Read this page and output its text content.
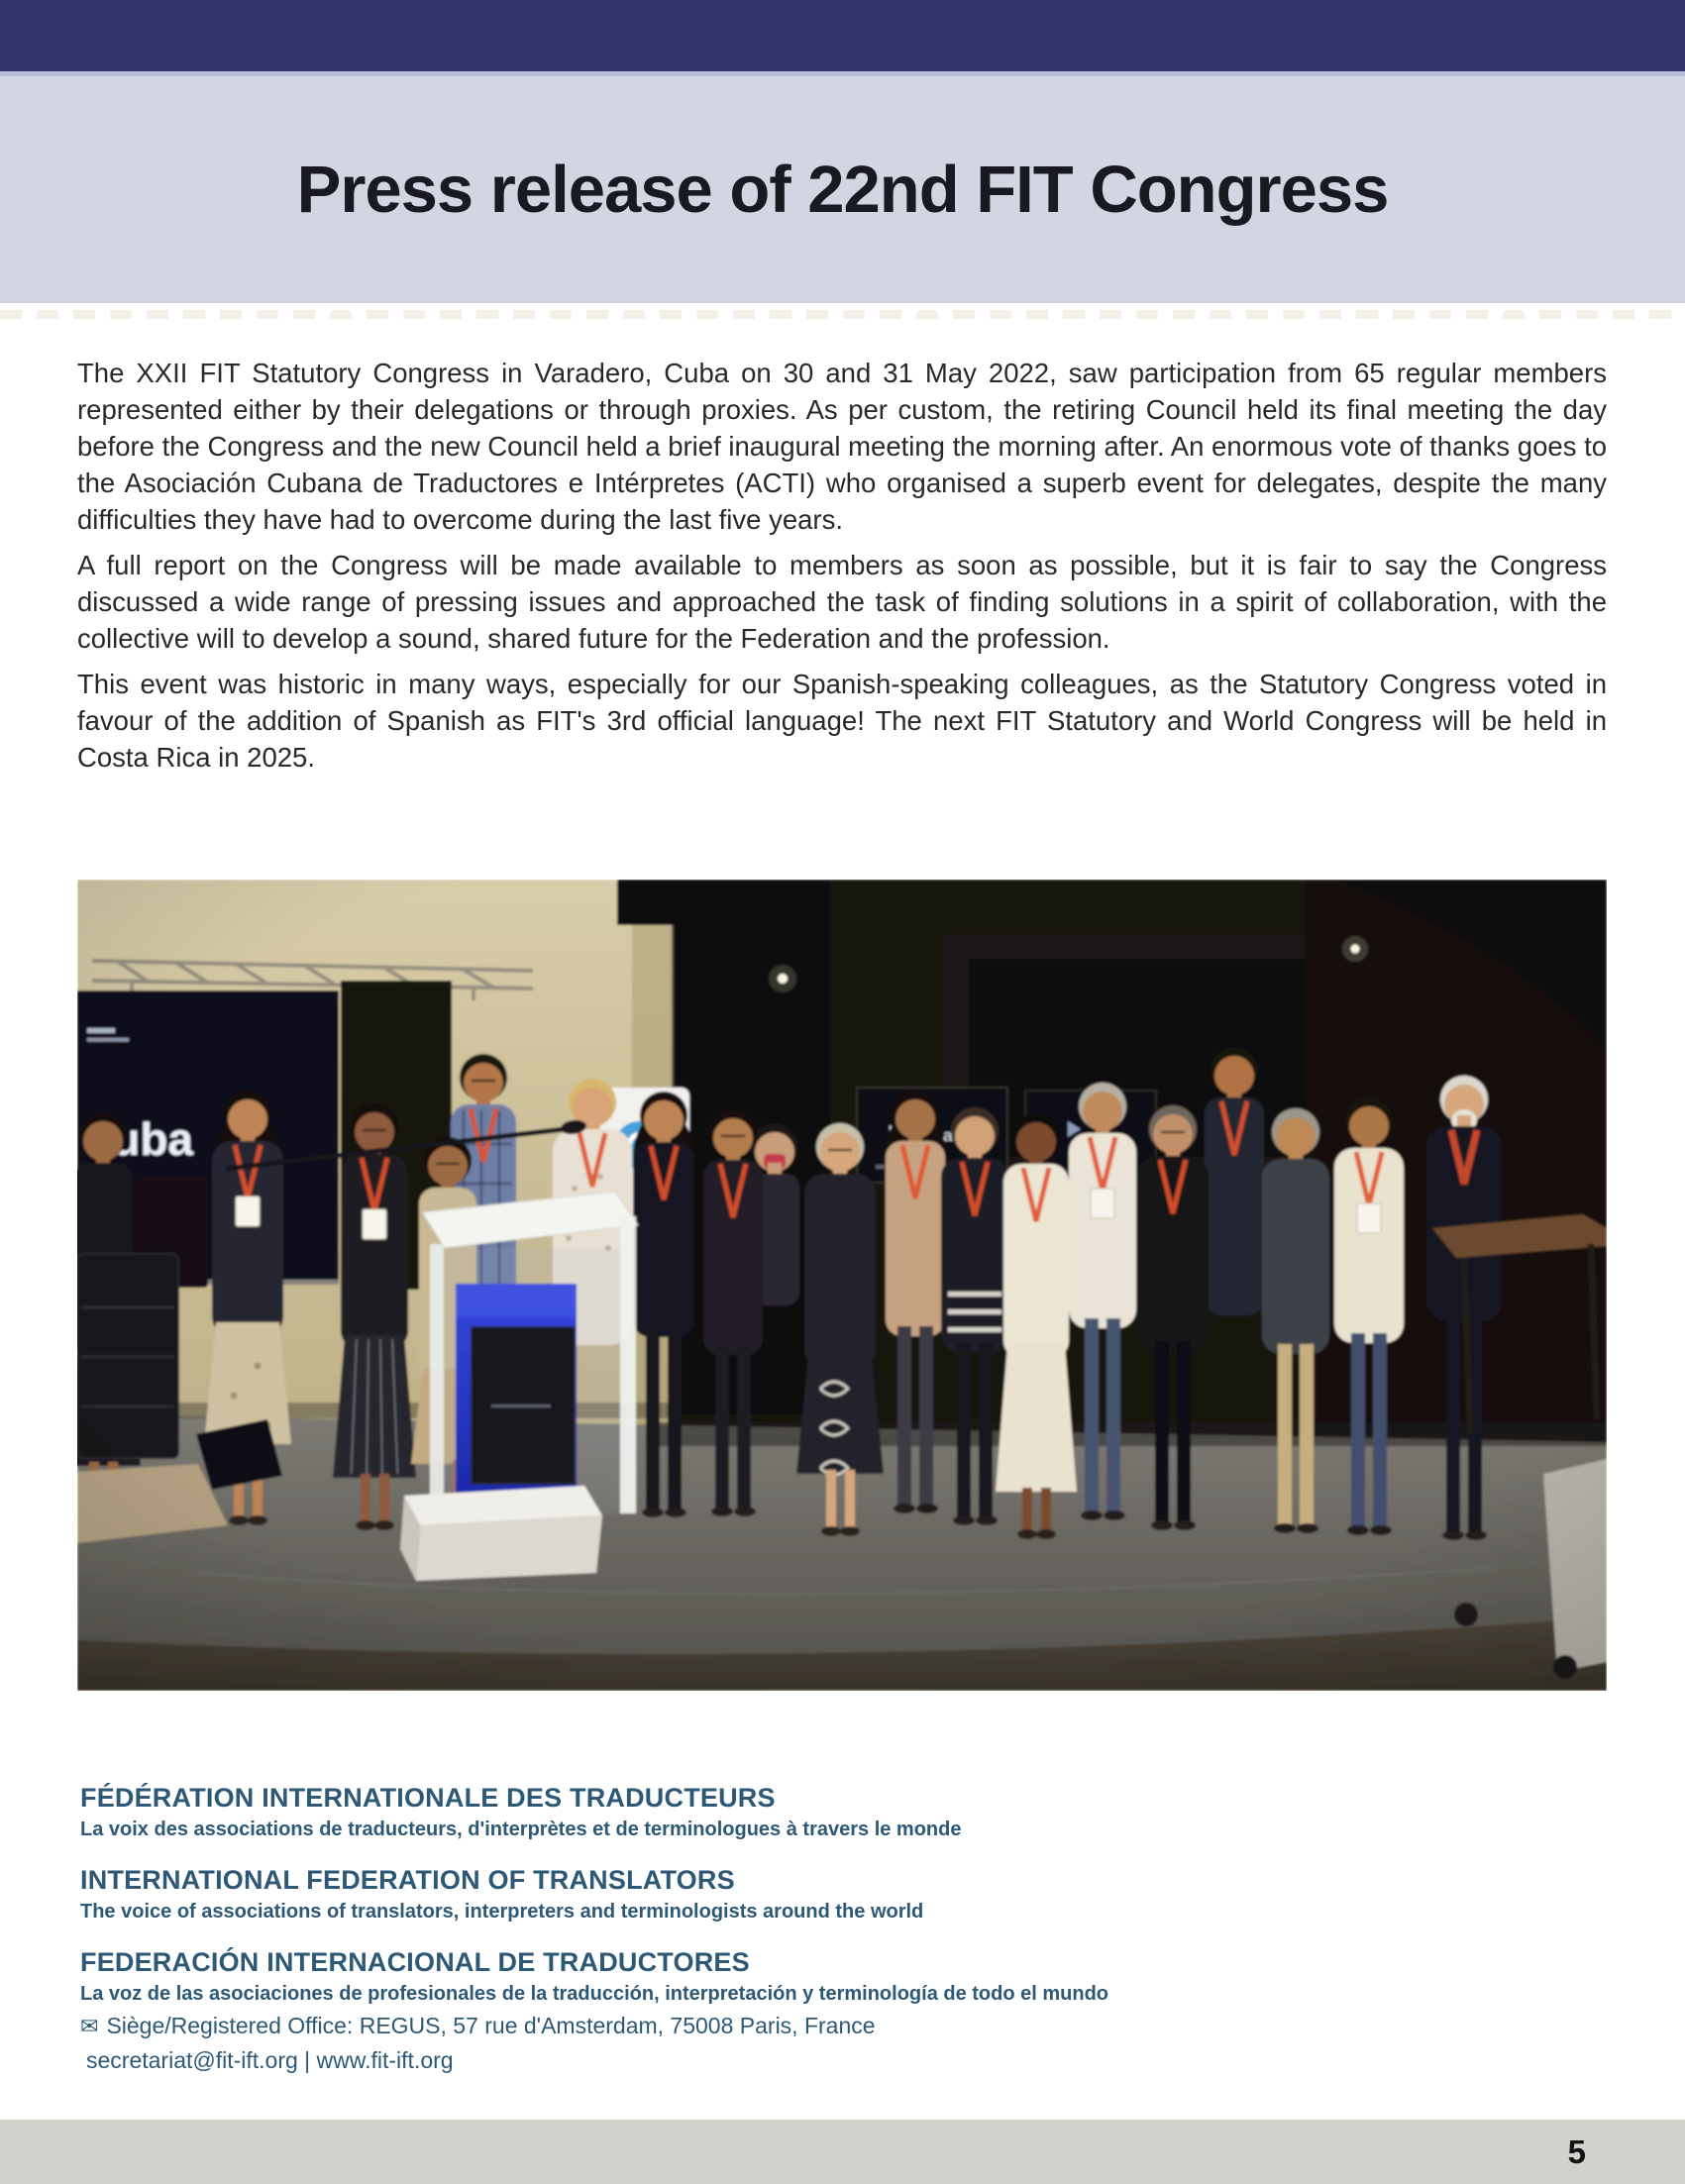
Press release of 22nd FIT Congress

The XXII FIT Statutory Congress in Varadero, Cuba on 30 and 31 May 2022, saw participation from 65 regular members represented either by their delegations or through proxies. As per custom, the retiring Council held its final meeting the day before the Congress and the new Council held a brief inaugural meeting the morning after. An enormous vote of thanks goes to the Asociación Cubana de Traductores e Intérpretes (ACTI) who organised a superb event for delegates, despite the many difficulties they have had to overcome during the last five years.

A full report on the Congress will be made available to members as soon as possible, but it is fair to say the Congress discussed a wide range of pressing issues and approached the task of finding solutions in a spirit of collaboration, with the collective will to develop a sound, shared future for the Federation and the profession.

This event was historic in many ways, especially for our Spanish-speaking colleagues, as the Statutory Congress voted in favour of the addition of Spanish as FIT's 3rd official language! The next FIT Statutory and World Congress will be held in Costa Rica in 2025.

FÉDÉRATION INTERNATIONALE DES TRADUCTEURS

La voix des associations de traducteurs, d'interprètes et de terminologues à travers le monde

INTERNATIONAL FEDERATION OF TRANSLATORS

The voice of associations of translators, interpreters and terminologists around the world

FEDERACIÓN INTERNACIONAL DE TRADUCTORES

La voz de las asociaciones de profesionales de la traducción, interpretación y terminología de todo el mundo

✉ Siège/Registered Office: REGUS, 57 rue d'Amsterdam, 75008 Paris, France

secretariat@fit-ift.org | www.fit-ift.org

5
